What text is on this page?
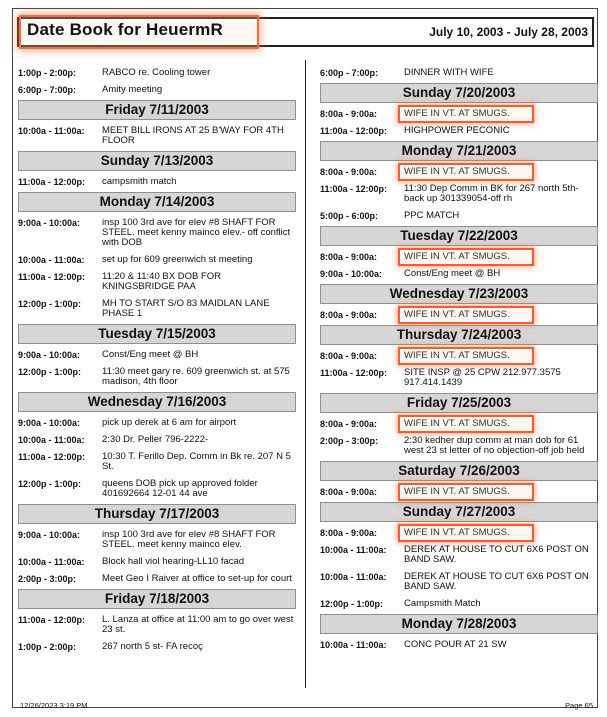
Date Book for HeuermR	July 10, 2003 - July 28, 2003
1:00p - 2:00p:	RABCO re. Cooling tower
6:00p - 7:00p:	Amity meeting
Friday 7/11/2003
10:00a - 11:00a:	MEET BILL IRONS AT 25 B'WAY FOR 4TH FLOOR
Sunday 7/13/2003
11:00a - 12:00p:	campsmith match
Monday 7/14/2003
9:00a - 10:00a:	insp 100 3rd ave for elev #8 SHAFT FOR STEEL. meet kenny mainco elev.- off conflict with DOB
10:00a - 11:00a:	set up for 609 greenwich st meeting
11:00a - 12:00p:	11:20 & 11:40 BX DOB FOR KNINGSBRIDGE PAA
12:00p - 1:00p:	MH TO START S/O 83 MAIDLAN LANE PHASE 1
Tuesday 7/15/2003
9:00a - 10:00a:	Const/Eng meet @ BH
12:00p - 1:00p:	11:30 meet gary re. 609 greenwich st. at 575 madison, 4th floor
Wednesday 7/16/2003
9:00a - 10:00a:	pick up derek at 6 am for airport
10:00a - 11:00a:	2:30 Dr. Peller 796-2222-
11:00a - 12:00p:	10:30 T. Ferillo Dep. Comm in Bk re. 207 N 5 St.
12:00p - 1:00p:	queens DOB pick up approved folder 401692664 12-01 44 ave
Thursday 7/17/2003
9:00a - 10:00a:	insp 100 3rd ave for elev #8 SHAFT FOR STEEL. meet kenny mainco elev.
10:00a - 11:00a:	Block hall viol hearing-LL10 facad
2:00p - 3:00p:	Meet Geo I Raiver at office to set-up for court
Friday 7/18/2003
11:00a - 12:00p:	L. Lanza at office at 11:00 am to go over west 23 st.
1:00p - 2:00p:	267 north 5 st- FA recoç
6:00p - 7:00p:	DINNER WITH WIFE
Sunday 7/20/2003
8:00a - 9:00a:	WIFE IN VT. AT SMUGS.
11:00a - 12:00p:	HIGHPOWER PECONIC
Monday 7/21/2003
8:00a - 9:00a:	WIFE IN VT. AT SMUGS.
11:00a - 12:00p:	11:30 Dep Comm in BK for 267 north 5th- back up 301339054-off rh
5:00p - 6:00p:	PPC MATCH
Tuesday 7/22/2003
8:00a - 9:00a:	WIFE IN VT. AT SMUGS.
9:00a - 10:00a:	Const/Eng meet @ BH
Wednesday 7/23/2003
8:00a - 9:00a:	WIFE IN VT. AT SMUGS.
Thursday 7/24/2003
8:00a - 9:00a:	WIFE IN VT. AT SMUGS.
11:00a - 12:00p:	SITE INSP @ 25 CPW 212.977.3575 917.414.1439
Friday 7/25/2003
8:00a - 9:00a:	WIFE IN VT. AT SMUGS.
2:00p - 3:00p:	2:30 kedher dup comm at man dob for 61 west 23 st letter of no objection-off job held
Saturday 7/26/2003
8:00a - 9:00a:	WIFE IN VT. AT SMUGS.
Sunday 7/27/2003
8:00a - 9:00a:	WIFE IN VT. AT SMUGS.
10:00a - 11:00a:	DEREK AT HOUSE TO CUT 6X6 POST ON BAND SAW.
10:00a - 11:00a:	DEREK AT HOUSE TO CUT 6X6 POST ON BAND SAW.
12:00p - 1:00p:	Campsmith Match
Monday 7/28/2003
10:00a - 11:00a:	CONC POUR AT 21 SW
12/26/2023 3:19 PM	Page 65
